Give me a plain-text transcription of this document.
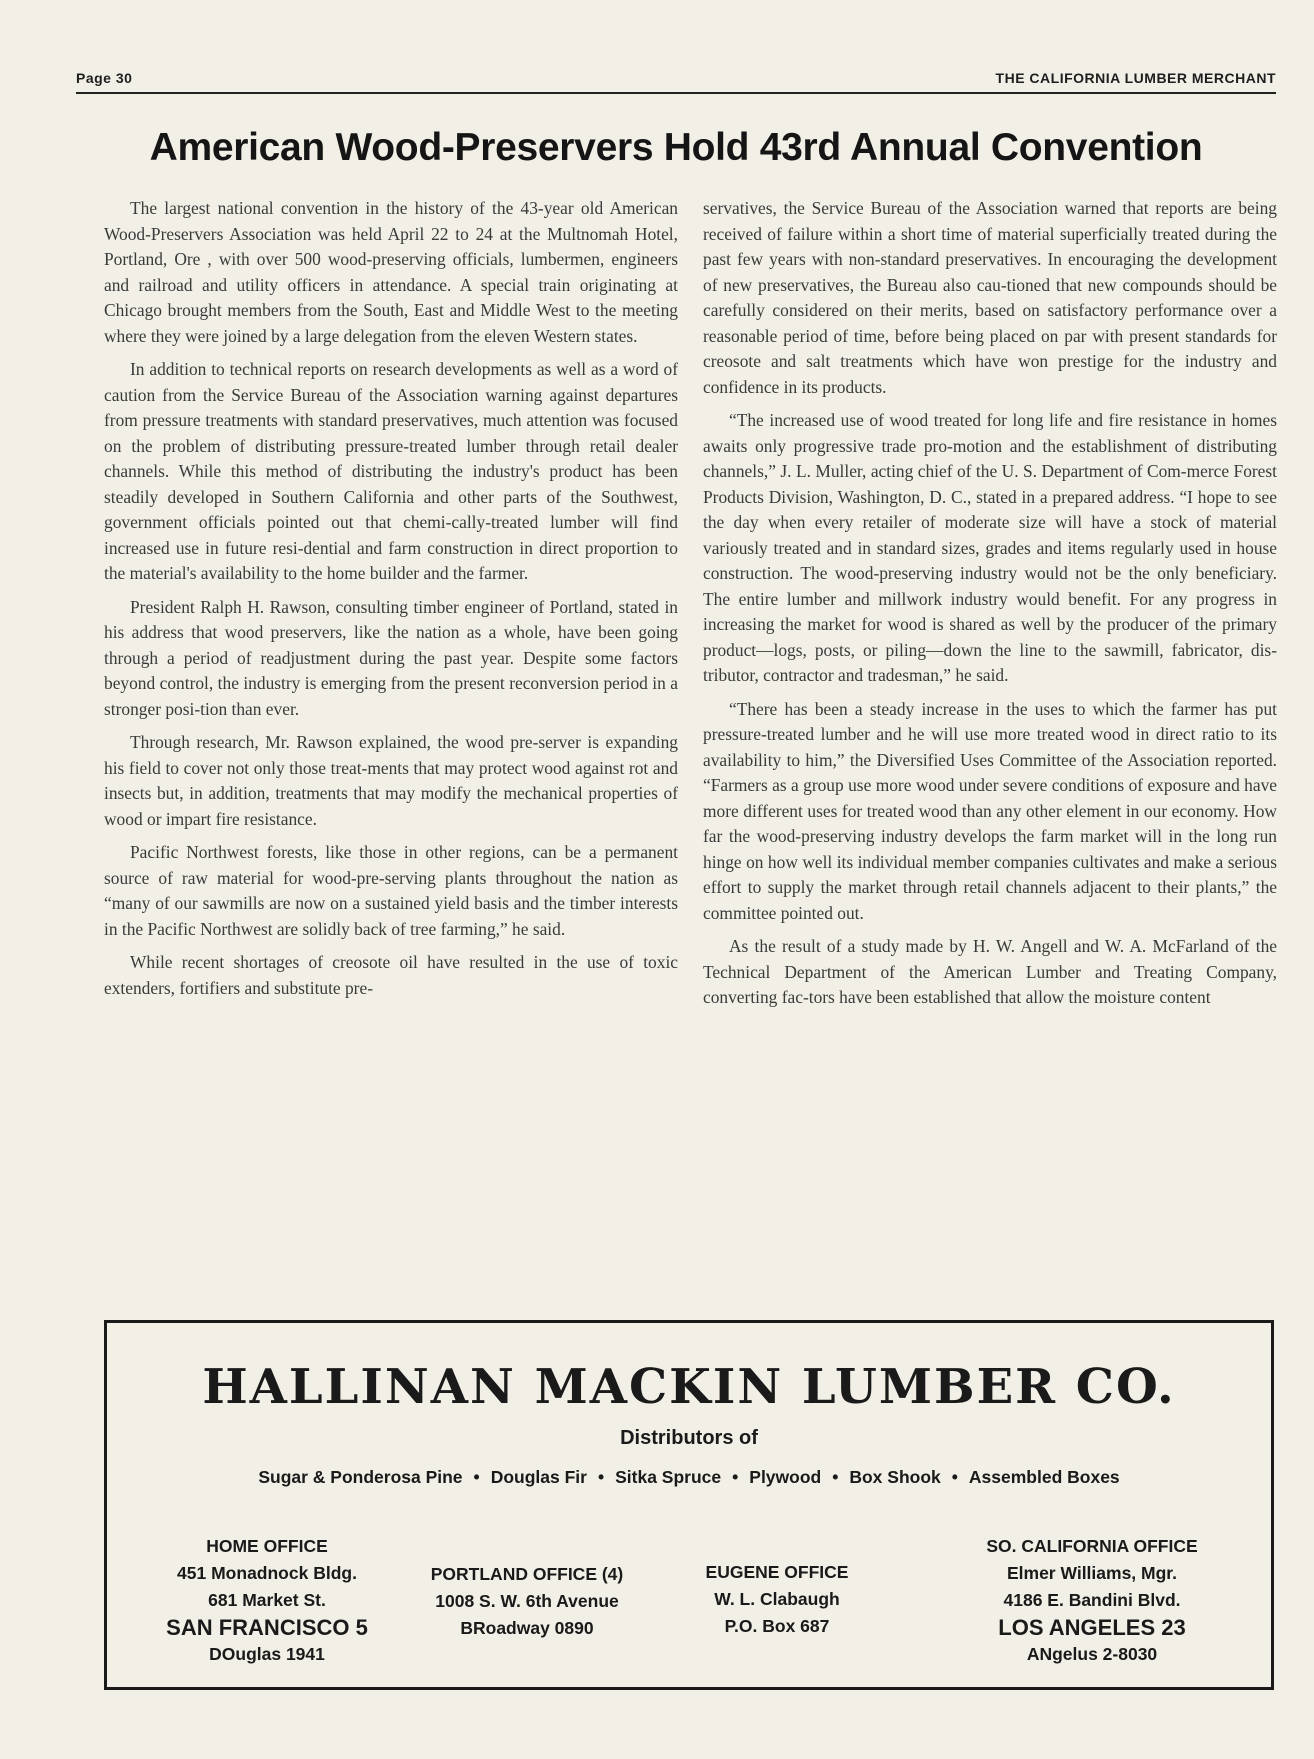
Page 30	THE CALIFORNIA LUMBER MERCHANT
American Wood-Preservers Hold 43rd Annual Convention

The largest national convention in the history of the 43-year old American Wood-Preservers Association was held April 22 to 24 at the Multnomah Hotel, Portland, Ore , with over 500 wood-preserving officials, lumbermen, engineers and railroad and utility officers in attendance. A special train originating at Chicago brought members from the South, East and Middle West to the meeting where they were joined by a large delegation from the eleven Western states.

In addition to technical reports on research developments as well as a word of caution from the Service Bureau of the Association warning against departures from pressure treatments with standard preservatives, much attention was focused on the problem of distributing pressure-treated lumber through retail dealer channels. While this method of distributing the industry's product has been steadily developed in Southern California and other parts of the Southwest, government officials pointed out that chemi-cally-treated lumber will find increased use in future resi-dential and farm construction in direct proportion to the material's availability to the home builder and the farmer.

President Ralph H. Rawson, consulting timber engineer of Portland, stated in his address that wood preservers, like the nation as a whole, have been going through a period of readjustment during the past year. Despite some factors beyond control, the industry is emerging from the present reconversion period in a stronger posi-tion than ever.

Through research, Mr. Rawson explained, the wood pre-server is expanding his field to cover not only those treat-ments that may protect wood against rot and insects but, in addition, treatments that may modify the mechanical properties of wood or impart fire resistance.

Pacific Northwest forests, like those in other regions, can be a permanent source of raw material for wood-pre-serving plants throughout the nation as “many of our sawmills are now on a sustained yield basis and the timber interests in the Pacific Northwest are solidly back of tree farming,” he said.

While recent shortages of creosote oil have resulted in the use of toxic extenders, fortifiers and substitute pre-

servatives, the Service Bureau of the Association warned that reports are being received of failure within a short time of material superficially treated during the past few years with non-standard preservatives. In encouraging the development of new preservatives, the Bureau also cau-tioned that new compounds should be carefully considered on their merits, based on satisfactory performance over a reasonable period of time, before being placed on par with present standards for creosote and salt treatments which have won prestige for the industry and confidence in its products.

“The increased use of wood treated for long life and fire resistance in homes awaits only progressive trade pro-motion and the establishment of distributing channels,” J. L. Muller, acting chief of the U. S. Department of Com-merce Forest Products Division, Washington, D. C., stated in a prepared address. “I hope to see the day when every retailer of moderate size will have a stock of material variously treated and in standard sizes, grades and items regularly used in house construction. The wood-preserving industry would not be the only beneficiary. The entire lumber and millwork industry would benefit. For any progress in increasing the market for wood is shared as well by the producer of the primary product—logs, posts, or piling—down the line to the sawmill, fabricator, dis-tributor, contractor and tradesman,” he said.

“There has been a steady increase in the uses to which the farmer has put pressure-treated lumber and he will use more treated wood in direct ratio to its availability to him,” the Diversified Uses Committee of the Association reported. “Farmers as a group use more wood under severe conditions of exposure and have more different uses for treated wood than any other element in our economy. How far the wood-preserving industry develops the farm market will in the long run hinge on how well its individual member companies cultivates and make a serious effort to supply the market through retail channels adjacent to their plants,” the committee pointed out.

As the result of a study made by H. W. Angell and W. A. McFarland of the Technical Department of the American Lumber and Treating Company, converting fac-tors have been established that allow the moisture content

HALLINAN MACKIN LUMBER CO.
Distributors of
Sugar & Ponderosa Pine • Douglas Fir • Sitka Spruce • Plywood • Box Shook • Assembled Boxes
HOME OFFICE
451 Monadnock Bldg.
681 Market St.
SAN FRANCISCO 5
DOuglas 1941
PORTLAND OFFICE (4)
1008 S. W. 6th Avenue
BRoadway 0890
EUGENE OFFICE
W. L. Clabaugh
P.O. Box 687
SO. CALIFORNIA OFFICE
Elmer Williams, Mgr.
4186 E. Bandini Blvd.
LOS ANGELES 23
ANgelus 2-8030
